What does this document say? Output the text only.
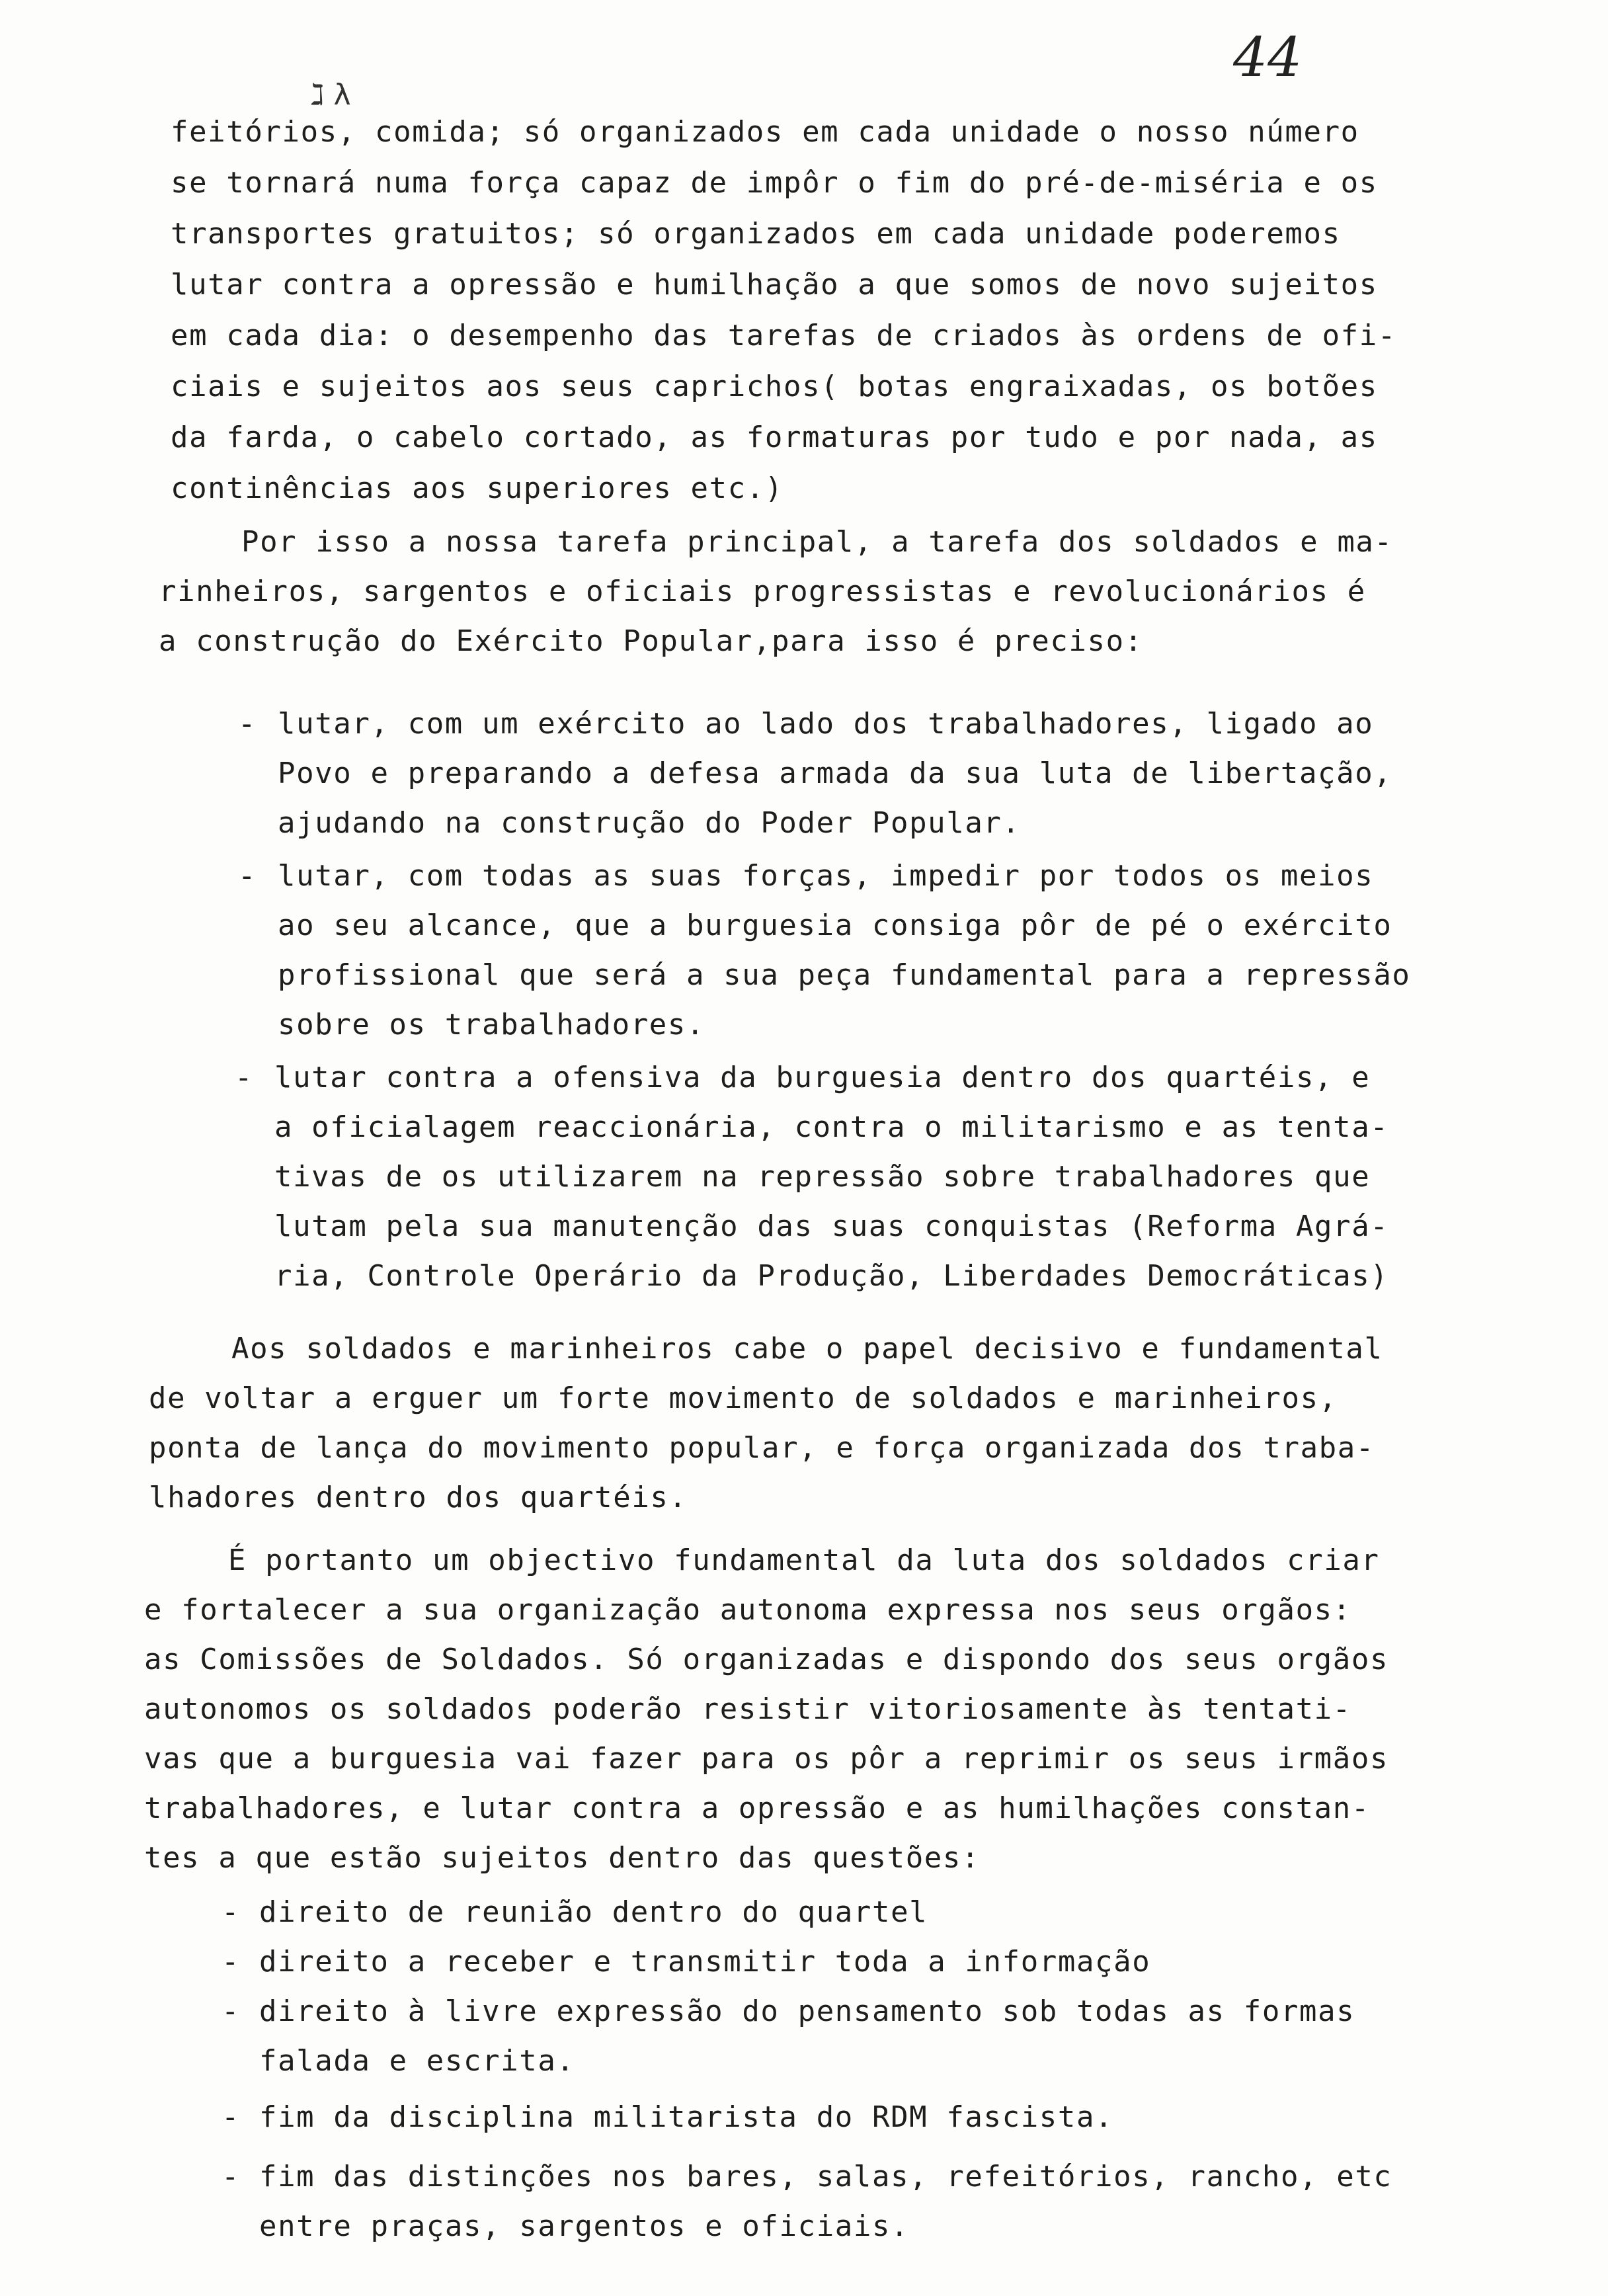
44
ℷ λ
feitórios, comida; só organizados em cada unidade o nosso número
se tornará numa força capaz de impôr o fim do pré-de-miséria e os
transportes gratuitos; só organizados em cada unidade poderemos
lutar contra a opressão e humilhação a que somos de novo sujeitos
em cada dia: o desempenho das tarefas de criados às ordens de ofi-
ciais e sujeitos aos seus caprichos( botas engraixadas, os botões
da farda, o cabelo cortado, as formaturas por tudo e por nada, as
continências aos superiores etc.)
Por isso a nossa tarefa principal, a tarefa dos soldados e ma-
rinheiros, sargentos e oficiais progressistas e revolucionários é
a construção do Exército Popular,para isso é preciso:
- lutar, com um exército ao lado dos trabalhadores, ligado ao
Povo e preparando a defesa armada da sua luta de libertação,
ajudando na construção do Poder Popular.
- lutar, com todas as suas forças, impedir por todos os meios
ao seu alcance, que a burguesia consiga pôr de pé o exército
profissional que será a sua peça fundamental para a repressão
sobre os trabalhadores.
- lutar contra a ofensiva da burguesia dentro dos quartéis, e
a oficialagem reaccionária, contra o militarismo e as tenta-
tivas de os utilizarem na repressão sobre trabalhadores que
lutam pela sua manutenção das suas conquistas (Reforma Agrá-
ria, Controle Operário da Produção, Liberdades Democráticas)
Aos soldados e marinheiros cabe o papel decisivo e fundamental
de voltar a erguer um forte movimento de soldados e marinheiros,
ponta de lança do movimento popular, e força organizada dos traba-
lhadores dentro dos quartéis.
É portanto um objectivo fundamental da luta dos soldados criar
e fortalecer a sua organização autonoma expressa nos seus orgãos:
as Comissões de Soldados. Só organizadas e dispondo dos seus orgãos
autonomos os soldados poderão resistir vitoriosamente às tentati-
vas que a burguesia vai fazer para os pôr a reprimir os seus irmãos
trabalhadores, e lutar contra a opressão e as humilhações constan-
tes a que estão sujeitos dentro das questões:
- direito de reunião dentro do quartel
- direito a receber e transmitir toda a informação
- direito à livre expressão do pensamento sob todas as formas
falada e escrita.
- fim da disciplina militarista do RDM fascista.
- fim das distinções nos bares, salas, refeitórios, rancho, etc
entre praças, sargentos e oficiais.
